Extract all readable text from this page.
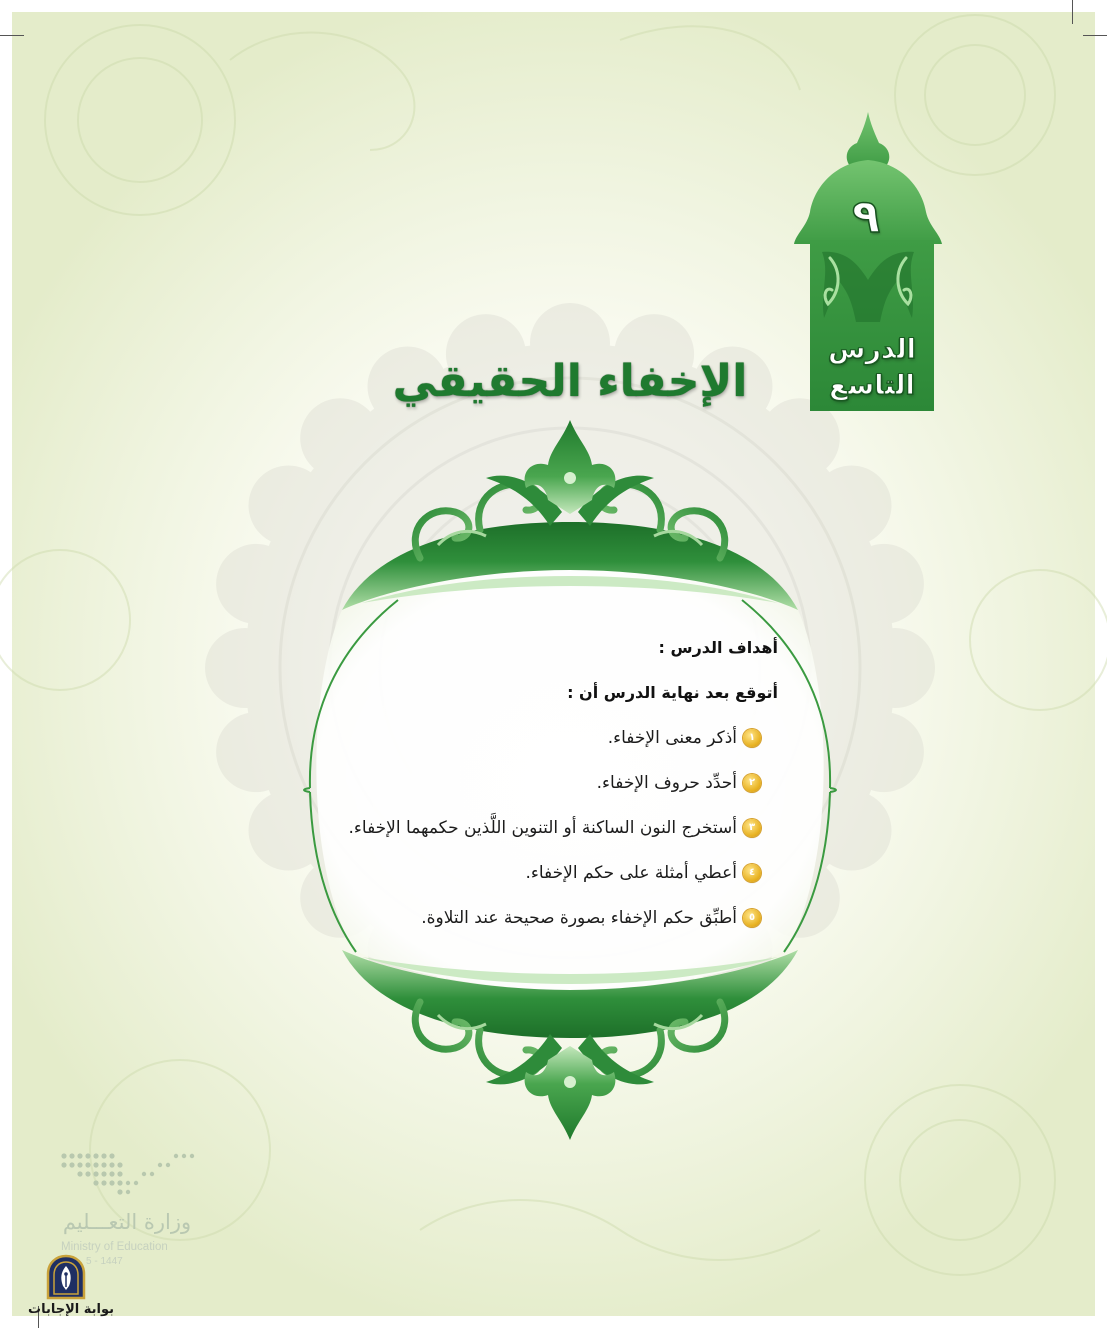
٩
الدرس
التاسع
الإخفاء الحقيقي
أهداف الدرس :
أتوقع بعد نهاية الدرس أن :
١
أذكر معنى الإخفاء.
٢
أحدِّد حروف الإخفاء.
٣
أستخرج النون الساكنة أو التنوين اللَّذين حكمهما الإخفاء.
٤
أعطي أمثلة على حكم الإخفاء.
٥
أطبِّق حكم الإخفاء بصورة صحيحة عند التلاوة.
وزارة التعـــليم
Ministry of Education
5 - 1447
بوابة الإجابات
